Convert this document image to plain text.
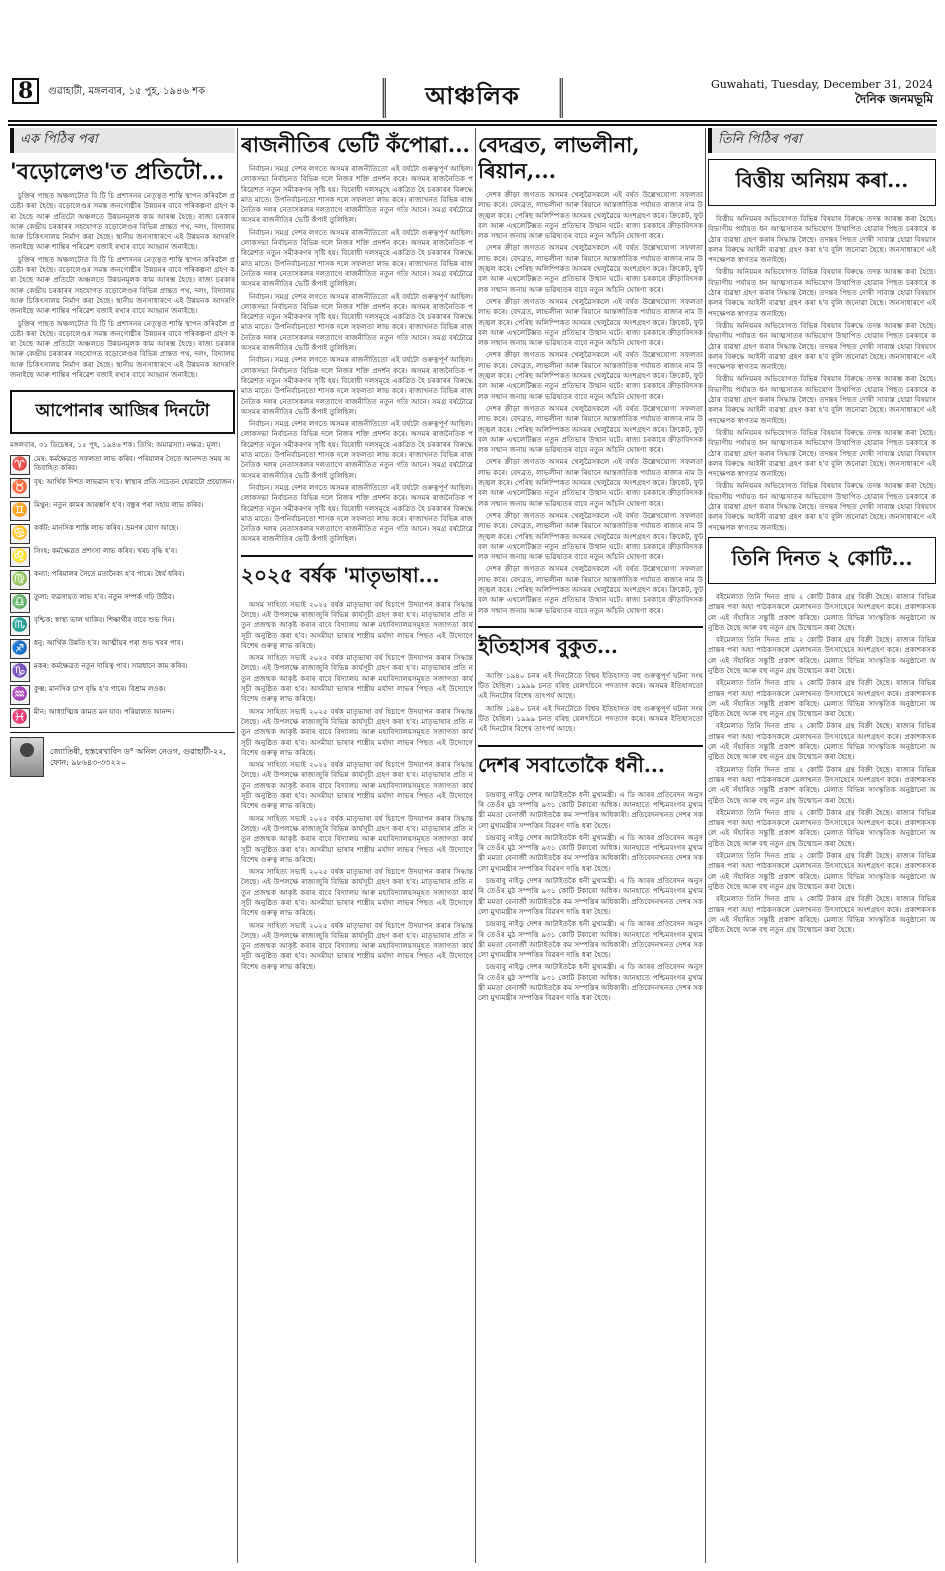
8	গুৱাহাটী, মঙ্গলবাৰ, ১৫ পুহ, ১৯৪৬ শক	আঞ্চলিক	Guwahati, Tuesday, December 31, 2024
দৈনিক জনমভূমি
এক পিঠিৰ পৰা
'বড়োলেণ্ড'ত প্ৰতিটো...

চুক্তিৰ পাছত অঞ্চলটোত বি টি চি প্ৰশাসনৰ নেতৃত্বত শান্তি স্থাপন কৰিবলৈ প্ৰচেষ্টা কৰা হৈছে। বড়োলেণ্ডৰ সমস্ত জনগোষ্ঠীৰ উন্নয়নৰ বাবে পৰিকল্পনা গ্ৰহণ কৰা হৈছে আৰু প্ৰতিটো অঞ্চলতে উন্নয়নমূলক কাম আৰম্ভ হৈছে। ৰাজ্য চৰকাৰ আৰু কেন্দ্ৰীয় চৰকাৰৰ সহযোগত বড়োলেণ্ডৰ বিভিন্ন প্ৰান্তত পথ, দলং, বিদ্যালয় আৰু চিকিৎসালয় নিৰ্মাণ কৰা হৈছে। স্থানীয় জনসাধাৰণে এই উন্নয়নক আদৰণি জনাইছে আৰু শান্তিৰ পৰিৱেশ বজাই ৰখাৰ বাবে আহ্বান জনাইছে।

চুক্তিৰ পাছত অঞ্চলটোত বি টি চি প্ৰশাসনৰ নেতৃত্বত শান্তি স্থাপন কৰিবলৈ প্ৰচেষ্টা কৰা হৈছে। বড়োলেণ্ডৰ সমস্ত জনগোষ্ঠীৰ উন্নয়নৰ বাবে পৰিকল্পনা গ্ৰহণ কৰা হৈছে আৰু প্ৰতিটো অঞ্চলতে উন্নয়নমূলক কাম আৰম্ভ হৈছে। ৰাজ্য চৰকাৰ আৰু কেন্দ্ৰীয় চৰকাৰৰ সহযোগত বড়োলেণ্ডৰ বিভিন্ন প্ৰান্তত পথ, দলং, বিদ্যালয় আৰু চিকিৎসালয় নিৰ্মাণ কৰা হৈছে। স্থানীয় জনসাধাৰণে এই উন্নয়নক আদৰণি জনাইছে আৰু শান্তিৰ পৰিৱেশ বজাই ৰখাৰ বাবে আহ্বান জনাইছে।

চুক্তিৰ পাছত অঞ্চলটোত বি টি চি প্ৰশাসনৰ নেতৃত্বত শান্তি স্থাপন কৰিবলৈ প্ৰচেষ্টা কৰা হৈছে। বড়োলেণ্ডৰ সমস্ত জনগোষ্ঠীৰ উন্নয়নৰ বাবে পৰিকল্পনা গ্ৰহণ কৰা হৈছে আৰু প্ৰতিটো অঞ্চলতে উন্নয়নমূলক কাম আৰম্ভ হৈছে। ৰাজ্য চৰকাৰ আৰু কেন্দ্ৰীয় চৰকাৰৰ সহযোগত বড়োলেণ্ডৰ বিভিন্ন প্ৰান্তত পথ, দলং, বিদ্যালয় আৰু চিকিৎসালয় নিৰ্মাণ কৰা হৈছে। স্থানীয় জনসাধাৰণে এই উন্নয়নক আদৰণি জনাইছে আৰু শান্তিৰ পৰিৱেশ বজাই ৰখাৰ বাবে আহ্বান জনাইছে।

আপোনাৰ আজিৰ দিনটো
মঙ্গলবাৰ, ৩১ ডিচেম্বৰ, ১৫ পুহ, ১৯৪৬ শক। তিথি: অমাৱস্যা। নক্ষত্ৰ: মূলা।
♈ মেষ: কৰ্মক্ষেত্ৰত সফলতা লাভ কৰিব। পৰিয়ালৰ সৈতে আনন্দত সময় অতিবাহিত কৰিব।
♉ বৃষ: আৰ্থিক দিশত লাভৱান হ'ব। স্বাস্থ্যৰ প্ৰতি সচেতন হোৱাটো প্ৰয়োজন।
♊ মিথুন: নতুন কামৰ আৰম্ভণি হ'ব। বন্ধুৰ পৰা সহায় লাভ কৰিব।
♋ কৰ্কট: মানসিক শান্তি লাভ কৰিব। ভ্ৰমণৰ যোগ আছে।
♌ সিংহ: কৰ্মক্ষেত্ৰত প্ৰশংসা লাভ কৰিব। খৰচ বৃদ্ধি হ'ব।
♍ কন্যা: পৰিয়ালৰ সৈতে মতানৈক্য হ'ব পাৰে। ধৈৰ্য ধৰিব।
♎ তুলা: ব্যৱসায়ত লাভ হ'ব। নতুন সম্পৰ্ক গঢ়ি উঠিব।
♏ বৃশ্চিক: স্বাস্থ্য ভাল থাকিব। শিক্ষাৰ্থীৰ বাবে শুভ দিন।
♐ ধনু: আৰ্থিক উন্নতি হ'ব। আত্মীয়ৰ পৰা শুভ খবৰ পাব।
♑ মকৰ: কৰ্মক্ষেত্ৰত নতুন দায়িত্ব পাব। সাৱধানে কাম কৰিব।
♒ কুম্ভ: মানসিক চাপ বৃদ্ধি হ'ব পাৰে। বিশ্ৰাম লওক।
♓ মীন: আধ্যাত্মিক কামত মন যাব। পৰিয়ালত আনন্দ।
জ্যোতিষী, হস্তৰেখাবিদ ড° অনিল নেওগ, গুৱাহাটী-২২, ফোন: ৯৮৬৪৩-৩৩২২০
ৰাজনীতিৰ ভেটি কঁপোৱা...

নিৰ্বাচন। সমগ্ৰ দেশৰ লগতে অসমৰ ৰাজনীতিতো এই বৰ্ষটো গুৰুত্বপূৰ্ণ আছিল। লোকসভা নিৰ্বাচনত বিভিন্ন দলে নিজৰ শক্তি প্ৰদৰ্শন কৰে। অসমৰ ৰাজনৈতিক পৰিৱেশত নতুন সমীকৰণৰ সৃষ্টি হয়। বিৰোধী দলসমূহে একত্ৰিত হৈ চৰকাৰৰ বিৰুদ্ধে মাত মাতে। উপনিৰ্বাচনতো শাসক দলে সফলতা লাভ কৰে। ৰাজ্যখনত বিভিন্ন ৰাজনৈতিক দলৰ নেতাসকলৰ দলত্যাগে ৰাজনীতিত নতুন গতি আনে। সমগ্ৰ বৰ্ষটোৱে অসমৰ ৰাজনীতিৰ ভেটি কঁপাই তুলিছিল।

নিৰ্বাচন। সমগ্ৰ দেশৰ লগতে অসমৰ ৰাজনীতিতো এই বৰ্ষটো গুৰুত্বপূৰ্ণ আছিল। লোকসভা নিৰ্বাচনত বিভিন্ন দলে নিজৰ শক্তি প্ৰদৰ্শন কৰে। অসমৰ ৰাজনৈতিক পৰিৱেশত নতুন সমীকৰণৰ সৃষ্টি হয়। বিৰোধী দলসমূহে একত্ৰিত হৈ চৰকাৰৰ বিৰুদ্ধে মাত মাতে। উপনিৰ্বাচনতো শাসক দলে সফলতা লাভ কৰে। ৰাজ্যখনত বিভিন্ন ৰাজনৈতিক দলৰ নেতাসকলৰ দলত্যাগে ৰাজনীতিত নতুন গতি আনে। সমগ্ৰ বৰ্ষটোৱে অসমৰ ৰাজনীতিৰ ভেটি কঁপাই তুলিছিল।

নিৰ্বাচন। সমগ্ৰ দেশৰ লগতে অসমৰ ৰাজনীতিতো এই বৰ্ষটো গুৰুত্বপূৰ্ণ আছিল। লোকসভা নিৰ্বাচনত বিভিন্ন দলে নিজৰ শক্তি প্ৰদৰ্শন কৰে। অসমৰ ৰাজনৈতিক পৰিৱেশত নতুন সমীকৰণৰ সৃষ্টি হয়। বিৰোধী দলসমূহে একত্ৰিত হৈ চৰকাৰৰ বিৰুদ্ধে মাত মাতে। উপনিৰ্বাচনতো শাসক দলে সফলতা লাভ কৰে। ৰাজ্যখনত বিভিন্ন ৰাজনৈতিক দলৰ নেতাসকলৰ দলত্যাগে ৰাজনীতিত নতুন গতি আনে। সমগ্ৰ বৰ্ষটোৱে অসমৰ ৰাজনীতিৰ ভেটি কঁপাই তুলিছিল।

নিৰ্বাচন। সমগ্ৰ দেশৰ লগতে অসমৰ ৰাজনীতিতো এই বৰ্ষটো গুৰুত্বপূৰ্ণ আছিল। লোকসভা নিৰ্বাচনত বিভিন্ন দলে নিজৰ শক্তি প্ৰদৰ্শন কৰে। অসমৰ ৰাজনৈতিক পৰিৱেশত নতুন সমীকৰণৰ সৃষ্টি হয়। বিৰোধী দলসমূহে একত্ৰিত হৈ চৰকাৰৰ বিৰুদ্ধে মাত মাতে। উপনিৰ্বাচনতো শাসক দলে সফলতা লাভ কৰে। ৰাজ্যখনত বিভিন্ন ৰাজনৈতিক দলৰ নেতাসকলৰ দলত্যাগে ৰাজনীতিত নতুন গতি আনে। সমগ্ৰ বৰ্ষটোৱে অসমৰ ৰাজনীতিৰ ভেটি কঁপাই তুলিছিল।

নিৰ্বাচন। সমগ্ৰ দেশৰ লগতে অসমৰ ৰাজনীতিতো এই বৰ্ষটো গুৰুত্বপূৰ্ণ আছিল। লোকসভা নিৰ্বাচনত বিভিন্ন দলে নিজৰ শক্তি প্ৰদৰ্শন কৰে। অসমৰ ৰাজনৈতিক পৰিৱেশত নতুন সমীকৰণৰ সৃষ্টি হয়। বিৰোধী দলসমূহে একত্ৰিত হৈ চৰকাৰৰ বিৰুদ্ধে মাত মাতে। উপনিৰ্বাচনতো শাসক দলে সফলতা লাভ কৰে। ৰাজ্যখনত বিভিন্ন ৰাজনৈতিক দলৰ নেতাসকলৰ দলত্যাগে ৰাজনীতিত নতুন গতি আনে। সমগ্ৰ বৰ্ষটোৱে অসমৰ ৰাজনীতিৰ ভেটি কঁপাই তুলিছিল।

নিৰ্বাচন। সমগ্ৰ দেশৰ লগতে অসমৰ ৰাজনীতিতো এই বৰ্ষটো গুৰুত্বপূৰ্ণ আছিল। লোকসভা নিৰ্বাচনত বিভিন্ন দলে নিজৰ শক্তি প্ৰদৰ্শন কৰে। অসমৰ ৰাজনৈতিক পৰিৱেশত নতুন সমীকৰণৰ সৃষ্টি হয়। বিৰোধী দলসমূহে একত্ৰিত হৈ চৰকাৰৰ বিৰুদ্ধে মাত মাতে। উপনিৰ্বাচনতো শাসক দলে সফলতা লাভ কৰে। ৰাজ্যখনত বিভিন্ন ৰাজনৈতিক দলৰ নেতাসকলৰ দলত্যাগে ৰাজনীতিত নতুন গতি আনে। সমগ্ৰ বৰ্ষটোৱে অসমৰ ৰাজনীতিৰ ভেটি কঁপাই তুলিছিল।

২০২৫ বৰ্ষক 'মাতৃভাষা...

অসম সাহিত্য সভাই ২০২৫ বৰ্ষক মাতৃভাষা বৰ্ষ হিচাপে উদযাপন কৰাৰ সিদ্ধান্ত লৈছে। এই উপলক্ষে ৰাজ্যজুৰি বিভিন্ন কাৰ্যসূচী গ্ৰহণ কৰা হ'ব। মাতৃভাষাৰ প্ৰতি নতুন প্ৰজন্মক আকৃষ্ট কৰাৰ বাবে বিদ্যালয় আৰু মহাবিদ্যালয়সমূহত সজাগতা কাৰ্যসূচী অনুষ্ঠিত কৰা হ'ব। অসমীয়া ভাষাৰ শাস্ত্ৰীয় মৰ্যাদা লাভৰ পিছত এই উদ্যোগে বিশেষ গুৰুত্ব লাভ কৰিছে।

অসম সাহিত্য সভাই ২০২৫ বৰ্ষক মাতৃভাষা বৰ্ষ হিচাপে উদযাপন কৰাৰ সিদ্ধান্ত লৈছে। এই উপলক্ষে ৰাজ্যজুৰি বিভিন্ন কাৰ্যসূচী গ্ৰহণ কৰা হ'ব। মাতৃভাষাৰ প্ৰতি নতুন প্ৰজন্মক আকৃষ্ট কৰাৰ বাবে বিদ্যালয় আৰু মহাবিদ্যালয়সমূহত সজাগতা কাৰ্যসূচী অনুষ্ঠিত কৰা হ'ব। অসমীয়া ভাষাৰ শাস্ত্ৰীয় মৰ্যাদা লাভৰ পিছত এই উদ্যোগে বিশেষ গুৰুত্ব লাভ কৰিছে।

অসম সাহিত্য সভাই ২০২৫ বৰ্ষক মাতৃভাষা বৰ্ষ হিচাপে উদযাপন কৰাৰ সিদ্ধান্ত লৈছে। এই উপলক্ষে ৰাজ্যজুৰি বিভিন্ন কাৰ্যসূচী গ্ৰহণ কৰা হ'ব। মাতৃভাষাৰ প্ৰতি নতুন প্ৰজন্মক আকৃষ্ট কৰাৰ বাবে বিদ্যালয় আৰু মহাবিদ্যালয়সমূহত সজাগতা কাৰ্যসূচী অনুষ্ঠিত কৰা হ'ব। অসমীয়া ভাষাৰ শাস্ত্ৰীয় মৰ্যাদা লাভৰ পিছত এই উদ্যোগে বিশেষ গুৰুত্ব লাভ কৰিছে।

অসম সাহিত্য সভাই ২০২৫ বৰ্ষক মাতৃভাষা বৰ্ষ হিচাপে উদযাপন কৰাৰ সিদ্ধান্ত লৈছে। এই উপলক্ষে ৰাজ্যজুৰি বিভিন্ন কাৰ্যসূচী গ্ৰহণ কৰা হ'ব। মাতৃভাষাৰ প্ৰতি নতুন প্ৰজন্মক আকৃষ্ট কৰাৰ বাবে বিদ্যালয় আৰু মহাবিদ্যালয়সমূহত সজাগতা কাৰ্যসূচী অনুষ্ঠিত কৰা হ'ব। অসমীয়া ভাষাৰ শাস্ত্ৰীয় মৰ্যাদা লাভৰ পিছত এই উদ্যোগে বিশেষ গুৰুত্ব লাভ কৰিছে।

অসম সাহিত্য সভাই ২০২৫ বৰ্ষক মাতৃভাষা বৰ্ষ হিচাপে উদযাপন কৰাৰ সিদ্ধান্ত লৈছে। এই উপলক্ষে ৰাজ্যজুৰি বিভিন্ন কাৰ্যসূচী গ্ৰহণ কৰা হ'ব। মাতৃভাষাৰ প্ৰতি নতুন প্ৰজন্মক আকৃষ্ট কৰাৰ বাবে বিদ্যালয় আৰু মহাবিদ্যালয়সমূহত সজাগতা কাৰ্যসূচী অনুষ্ঠিত কৰা হ'ব। অসমীয়া ভাষাৰ শাস্ত্ৰীয় মৰ্যাদা লাভৰ পিছত এই উদ্যোগে বিশেষ গুৰুত্ব লাভ কৰিছে।

অসম সাহিত্য সভাই ২০২৫ বৰ্ষক মাতৃভাষা বৰ্ষ হিচাপে উদযাপন কৰাৰ সিদ্ধান্ত লৈছে। এই উপলক্ষে ৰাজ্যজুৰি বিভিন্ন কাৰ্যসূচী গ্ৰহণ কৰা হ'ব। মাতৃভাষাৰ প্ৰতি নতুন প্ৰজন্মক আকৃষ্ট কৰাৰ বাবে বিদ্যালয় আৰু মহাবিদ্যালয়সমূহত সজাগতা কাৰ্যসূচী অনুষ্ঠিত কৰা হ'ব। অসমীয়া ভাষাৰ শাস্ত্ৰীয় মৰ্যাদা লাভৰ পিছত এই উদ্যোগে বিশেষ গুৰুত্ব লাভ কৰিছে।

অসম সাহিত্য সভাই ২০২৫ বৰ্ষক মাতৃভাষা বৰ্ষ হিচাপে উদযাপন কৰাৰ সিদ্ধান্ত লৈছে। এই উপলক্ষে ৰাজ্যজুৰি বিভিন্ন কাৰ্যসূচী গ্ৰহণ কৰা হ'ব। মাতৃভাষাৰ প্ৰতি নতুন প্ৰজন্মক আকৃষ্ট কৰাৰ বাবে বিদ্যালয় আৰু মহাবিদ্যালয়সমূহত সজাগতা কাৰ্যসূচী অনুষ্ঠিত কৰা হ'ব। অসমীয়া ভাষাৰ শাস্ত্ৰীয় মৰ্যাদা লাভৰ পিছত এই উদ্যোগে বিশেষ গুৰুত্ব লাভ কৰিছে।

বেদব্ৰত, লাভলীনা, ৰিয়ান,...

দেশৰ ক্ৰীড়া জগতত অসমৰ খেলুৱৈসকলে এই বৰ্ষত উল্লেখযোগ্য সফলতা লাভ কৰে। বেদব্ৰত, লাভলীনা আৰু ৰিয়ানে আন্তৰ্জাতিক পৰ্যায়ত ৰাজ্যৰ নাম উজ্জ্বল কৰে। পেৰিছ অলিম্পিকত অসমৰ খেলুৱৈয়ে অংশগ্ৰহণ কৰে। ক্ৰিকেট, ফুটবল আৰু এথলেটিক্সত নতুন প্ৰতিভাৰ উত্থান ঘটে। ৰাজ্য চৰকাৰে ক্ৰীড়াবিদসকলক সন্মান জনায় আৰু ভৱিষ্যতৰ বাবে নতুন আঁচনি ঘোষণা কৰে।

দেশৰ ক্ৰীড়া জগতত অসমৰ খেলুৱৈসকলে এই বৰ্ষত উল্লেখযোগ্য সফলতা লাভ কৰে। বেদব্ৰত, লাভলীনা আৰু ৰিয়ানে আন্তৰ্জাতিক পৰ্যায়ত ৰাজ্যৰ নাম উজ্জ্বল কৰে। পেৰিছ অলিম্পিকত অসমৰ খেলুৱৈয়ে অংশগ্ৰহণ কৰে। ক্ৰিকেট, ফুটবল আৰু এথলেটিক্সত নতুন প্ৰতিভাৰ উত্থান ঘটে। ৰাজ্য চৰকাৰে ক্ৰীড়াবিদসকলক সন্মান জনায় আৰু ভৱিষ্যতৰ বাবে নতুন আঁচনি ঘোষণা কৰে।

দেশৰ ক্ৰীড়া জগতত অসমৰ খেলুৱৈসকলে এই বৰ্ষত উল্লেখযোগ্য সফলতা লাভ কৰে। বেদব্ৰত, লাভলীনা আৰু ৰিয়ানে আন্তৰ্জাতিক পৰ্যায়ত ৰাজ্যৰ নাম উজ্জ্বল কৰে। পেৰিছ অলিম্পিকত অসমৰ খেলুৱৈয়ে অংশগ্ৰহণ কৰে। ক্ৰিকেট, ফুটবল আৰু এথলেটিক্সত নতুন প্ৰতিভাৰ উত্থান ঘটে। ৰাজ্য চৰকাৰে ক্ৰীড়াবিদসকলক সন্মান জনায় আৰু ভৱিষ্যতৰ বাবে নতুন আঁচনি ঘোষণা কৰে।

দেশৰ ক্ৰীড়া জগতত অসমৰ খেলুৱৈসকলে এই বৰ্ষত উল্লেখযোগ্য সফলতা লাভ কৰে। বেদব্ৰত, লাভলীনা আৰু ৰিয়ানে আন্তৰ্জাতিক পৰ্যায়ত ৰাজ্যৰ নাম উজ্জ্বল কৰে। পেৰিছ অলিম্পিকত অসমৰ খেলুৱৈয়ে অংশগ্ৰহণ কৰে। ক্ৰিকেট, ফুটবল আৰু এথলেটিক্সত নতুন প্ৰতিভাৰ উত্থান ঘটে। ৰাজ্য চৰকাৰে ক্ৰীড়াবিদসকলক সন্মান জনায় আৰু ভৱিষ্যতৰ বাবে নতুন আঁচনি ঘোষণা কৰে।

দেশৰ ক্ৰীড়া জগতত অসমৰ খেলুৱৈসকলে এই বৰ্ষত উল্লেখযোগ্য সফলতা লাভ কৰে। বেদব্ৰত, লাভলীনা আৰু ৰিয়ানে আন্তৰ্জাতিক পৰ্যায়ত ৰাজ্যৰ নাম উজ্জ্বল কৰে। পেৰিছ অলিম্পিকত অসমৰ খেলুৱৈয়ে অংশগ্ৰহণ কৰে। ক্ৰিকেট, ফুটবল আৰু এথলেটিক্সত নতুন প্ৰতিভাৰ উত্থান ঘটে। ৰাজ্য চৰকাৰে ক্ৰীড়াবিদসকলক সন্মান জনায় আৰু ভৱিষ্যতৰ বাবে নতুন আঁচনি ঘোষণা কৰে।

দেশৰ ক্ৰীড়া জগতত অসমৰ খেলুৱৈসকলে এই বৰ্ষত উল্লেখযোগ্য সফলতা লাভ কৰে। বেদব্ৰত, লাভলীনা আৰু ৰিয়ানে আন্তৰ্জাতিক পৰ্যায়ত ৰাজ্যৰ নাম উজ্জ্বল কৰে। পেৰিছ অলিম্পিকত অসমৰ খেলুৱৈয়ে অংশগ্ৰহণ কৰে। ক্ৰিকেট, ফুটবল আৰু এথলেটিক্সত নতুন প্ৰতিভাৰ উত্থান ঘটে। ৰাজ্য চৰকাৰে ক্ৰীড়াবিদসকলক সন্মান জনায় আৰু ভৱিষ্যতৰ বাবে নতুন আঁচনি ঘোষণা কৰে।

দেশৰ ক্ৰীড়া জগতত অসমৰ খেলুৱৈসকলে এই বৰ্ষত উল্লেখযোগ্য সফলতা লাভ কৰে। বেদব্ৰত, লাভলীনা আৰু ৰিয়ানে আন্তৰ্জাতিক পৰ্যায়ত ৰাজ্যৰ নাম উজ্জ্বল কৰে। পেৰিছ অলিম্পিকত অসমৰ খেলুৱৈয়ে অংশগ্ৰহণ কৰে। ক্ৰিকেট, ফুটবল আৰু এথলেটিক্সত নতুন প্ৰতিভাৰ উত্থান ঘটে। ৰাজ্য চৰকাৰে ক্ৰীড়াবিদসকলক সন্মান জনায় আৰু ভৱিষ্যতৰ বাবে নতুন আঁচনি ঘোষণা কৰে।

দেশৰ ক্ৰীড়া জগতত অসমৰ খেলুৱৈসকলে এই বৰ্ষত উল্লেখযোগ্য সফলতা লাভ কৰে। বেদব্ৰত, লাভলীনা আৰু ৰিয়ানে আন্তৰ্জাতিক পৰ্যায়ত ৰাজ্যৰ নাম উজ্জ্বল কৰে। পেৰিছ অলিম্পিকত অসমৰ খেলুৱৈয়ে অংশগ্ৰহণ কৰে। ক্ৰিকেট, ফুটবল আৰু এথলেটিক্সত নতুন প্ৰতিভাৰ উত্থান ঘটে। ৰাজ্য চৰকাৰে ক্ৰীড়াবিদসকলক সন্মান জনায় আৰু ভৱিষ্যতৰ বাবে নতুন আঁচনি ঘোষণা কৰে।

ইতিহাসৰ বুকুত...

আজি ১৯৪০ চনৰ এই দিনটোতে বিশ্বৰ ইতিহাসত বহু গুৰুত্বপূৰ্ণ ঘটনা সংঘটিত হৈছিল। ১৯৯৯ চনত বৰিছ য়েলৎচিনে পদত্যাগ কৰে। অসমৰ ইতিহাসতো এই দিনটোৰ বিশেষ তাৎপৰ্য আছে।

আজি ১৯৪০ চনৰ এই দিনটোতে বিশ্বৰ ইতিহাসত বহু গুৰুত্বপূৰ্ণ ঘটনা সংঘটিত হৈছিল। ১৯৯৯ চনত বৰিছ য়েলৎচিনে পদত্যাগ কৰে। অসমৰ ইতিহাসতো এই দিনটোৰ বিশেষ তাৎপৰ্য আছে।

দেশৰ সবাতোকৈ ধনী...

চন্দ্ৰবাবু নাইডু দেশৰ আটাইতকৈ ধনী মুখ্যমন্ত্ৰী। এ ডি আৰৰ প্ৰতিবেদন অনুসৰি তেওঁৰ মুঠ সম্পত্তি ৯৩১ কোটি টকাৰো অধিক। আনহাতে পশ্চিমবংগৰ মুখ্যমন্ত্ৰী মমতা বেনাৰ্জী আটাইতকৈ কম সম্পত্তিৰ অধিকাৰী। প্ৰতিবেদনখনত দেশৰ সকলো মুখ্যমন্ত্ৰীৰ সম্পত্তিৰ বিৱৰণ দাঙি ধৰা হৈছে।

চন্দ্ৰবাবু নাইডু দেশৰ আটাইতকৈ ধনী মুখ্যমন্ত্ৰী। এ ডি আৰৰ প্ৰতিবেদন অনুসৰি তেওঁৰ মুঠ সম্পত্তি ৯৩১ কোটি টকাৰো অধিক। আনহাতে পশ্চিমবংগৰ মুখ্যমন্ত্ৰী মমতা বেনাৰ্জী আটাইতকৈ কম সম্পত্তিৰ অধিকাৰী। প্ৰতিবেদনখনত দেশৰ সকলো মুখ্যমন্ত্ৰীৰ সম্পত্তিৰ বিৱৰণ দাঙি ধৰা হৈছে।

চন্দ্ৰবাবু নাইডু দেশৰ আটাইতকৈ ধনী মুখ্যমন্ত্ৰী। এ ডি আৰৰ প্ৰতিবেদন অনুসৰি তেওঁৰ মুঠ সম্পত্তি ৯৩১ কোটি টকাৰো অধিক। আনহাতে পশ্চিমবংগৰ মুখ্যমন্ত্ৰী মমতা বেনাৰ্জী আটাইতকৈ কম সম্পত্তিৰ অধিকাৰী। প্ৰতিবেদনখনত দেশৰ সকলো মুখ্যমন্ত্ৰীৰ সম্পত্তিৰ বিৱৰণ দাঙি ধৰা হৈছে।

চন্দ্ৰবাবু নাইডু দেশৰ আটাইতকৈ ধনী মুখ্যমন্ত্ৰী। এ ডি আৰৰ প্ৰতিবেদন অনুসৰি তেওঁৰ মুঠ সম্পত্তি ৯৩১ কোটি টকাৰো অধিক। আনহাতে পশ্চিমবংগৰ মুখ্যমন্ত্ৰী মমতা বেনাৰ্জী আটাইতকৈ কম সম্পত্তিৰ অধিকাৰী। প্ৰতিবেদনখনত দেশৰ সকলো মুখ্যমন্ত্ৰীৰ সম্পত্তিৰ বিৱৰণ দাঙি ধৰা হৈছে।

চন্দ্ৰবাবু নাইডু দেশৰ আটাইতকৈ ধনী মুখ্যমন্ত্ৰী। এ ডি আৰৰ প্ৰতিবেদন অনুসৰি তেওঁৰ মুঠ সম্পত্তি ৯৩১ কোটি টকাৰো অধিক। আনহাতে পশ্চিমবংগৰ মুখ্যমন্ত্ৰী মমতা বেনাৰ্জী আটাইতকৈ কম সম্পত্তিৰ অধিকাৰী। প্ৰতিবেদনখনত দেশৰ সকলো মুখ্যমন্ত্ৰীৰ সম্পত্তিৰ বিৱৰণ দাঙি ধৰা হৈছে।

তিনি পিঠিৰ পৰা
বিত্তীয় অনিয়ম কৰা...

বিত্তীয় অনিয়মৰ অভিযোগত বিভিন্ন বিষয়াৰ বিৰুদ্ধে তদন্ত আৰম্ভ কৰা হৈছে। বিভাগীয় পৰ্যায়ত ধন আত্মসাতৰ অভিযোগ উত্থাপিত হোৱাৰ পিছত চৰকাৰে কঠোৰ ব্যৱস্থা গ্ৰহণ কৰাৰ সিদ্ধান্ত লৈছে। তদন্তৰ পিছত দোষী সাব্যস্ত হোৱা বিষয়াসকলৰ বিৰুদ্ধে আইনী ব্যৱস্থা গ্ৰহণ কৰা হ'ব বুলি জনোৱা হৈছে। জনসাধাৰণে এই পদক্ষেপক স্বাগতম জনাইছে।

বিত্তীয় অনিয়মৰ অভিযোগত বিভিন্ন বিষয়াৰ বিৰুদ্ধে তদন্ত আৰম্ভ কৰা হৈছে। বিভাগীয় পৰ্যায়ত ধন আত্মসাতৰ অভিযোগ উত্থাপিত হোৱাৰ পিছত চৰকাৰে কঠোৰ ব্যৱস্থা গ্ৰহণ কৰাৰ সিদ্ধান্ত লৈছে। তদন্তৰ পিছত দোষী সাব্যস্ত হোৱা বিষয়াসকলৰ বিৰুদ্ধে আইনী ব্যৱস্থা গ্ৰহণ কৰা হ'ব বুলি জনোৱা হৈছে। জনসাধাৰণে এই পদক্ষেপক স্বাগতম জনাইছে।

বিত্তীয় অনিয়মৰ অভিযোগত বিভিন্ন বিষয়াৰ বিৰুদ্ধে তদন্ত আৰম্ভ কৰা হৈছে। বিভাগীয় পৰ্যায়ত ধন আত্মসাতৰ অভিযোগ উত্থাপিত হোৱাৰ পিছত চৰকাৰে কঠোৰ ব্যৱস্থা গ্ৰহণ কৰাৰ সিদ্ধান্ত লৈছে। তদন্তৰ পিছত দোষী সাব্যস্ত হোৱা বিষয়াসকলৰ বিৰুদ্ধে আইনী ব্যৱস্থা গ্ৰহণ কৰা হ'ব বুলি জনোৱা হৈছে। জনসাধাৰণে এই পদক্ষেপক স্বাগতম জনাইছে।

বিত্তীয় অনিয়মৰ অভিযোগত বিভিন্ন বিষয়াৰ বিৰুদ্ধে তদন্ত আৰম্ভ কৰা হৈছে। বিভাগীয় পৰ্যায়ত ধন আত্মসাতৰ অভিযোগ উত্থাপিত হোৱাৰ পিছত চৰকাৰে কঠোৰ ব্যৱস্থা গ্ৰহণ কৰাৰ সিদ্ধান্ত লৈছে। তদন্তৰ পিছত দোষী সাব্যস্ত হোৱা বিষয়াসকলৰ বিৰুদ্ধে আইনী ব্যৱস্থা গ্ৰহণ কৰা হ'ব বুলি জনোৱা হৈছে। জনসাধাৰণে এই পদক্ষেপক স্বাগতম জনাইছে।

বিত্তীয় অনিয়মৰ অভিযোগত বিভিন্ন বিষয়াৰ বিৰুদ্ধে তদন্ত আৰম্ভ কৰা হৈছে। বিভাগীয় পৰ্যায়ত ধন আত্মসাতৰ অভিযোগ উত্থাপিত হোৱাৰ পিছত চৰকাৰে কঠোৰ ব্যৱস্থা গ্ৰহণ কৰাৰ সিদ্ধান্ত লৈছে। তদন্তৰ পিছত দোষী সাব্যস্ত হোৱা বিষয়াসকলৰ বিৰুদ্ধে আইনী ব্যৱস্থা গ্ৰহণ কৰা হ'ব বুলি জনোৱা হৈছে। জনসাধাৰণে এই পদক্ষেপক স্বাগতম জনাইছে।

বিত্তীয় অনিয়মৰ অভিযোগত বিভিন্ন বিষয়াৰ বিৰুদ্ধে তদন্ত আৰম্ভ কৰা হৈছে। বিভাগীয় পৰ্যায়ত ধন আত্মসাতৰ অভিযোগ উত্থাপিত হোৱাৰ পিছত চৰকাৰে কঠোৰ ব্যৱস্থা গ্ৰহণ কৰাৰ সিদ্ধান্ত লৈছে। তদন্তৰ পিছত দোষী সাব্যস্ত হোৱা বিষয়াসকলৰ বিৰুদ্ধে আইনী ব্যৱস্থা গ্ৰহণ কৰা হ'ব বুলি জনোৱা হৈছে। জনসাধাৰণে এই পদক্ষেপক স্বাগতম জনাইছে।

তিনি দিনত ২ কোটি...

বইমেলাত তিনি দিনত প্ৰায় ২ কোটি টকাৰ গ্ৰন্থ বিক্ৰী হৈছে। ৰাজ্যৰ বিভিন্ন প্ৰান্তৰ পৰা অহা পাঠকসকলে মেলাখনত উৎসাহেৰে অংশগ্ৰহণ কৰে। প্ৰকাশকসকলে এই সঁহাৰিত সন্তুষ্টি প্ৰকাশ কৰিছে। মেলাত বিভিন্ন সাংস্কৃতিক অনুষ্ঠানো অনুষ্ঠিত হৈছে আৰু বহু নতুন গ্ৰন্থ উন্মোচন কৰা হৈছে।

বইমেলাত তিনি দিনত প্ৰায় ২ কোটি টকাৰ গ্ৰন্থ বিক্ৰী হৈছে। ৰাজ্যৰ বিভিন্ন প্ৰান্তৰ পৰা অহা পাঠকসকলে মেলাখনত উৎসাহেৰে অংশগ্ৰহণ কৰে। প্ৰকাশকসকলে এই সঁহাৰিত সন্তুষ্টি প্ৰকাশ কৰিছে। মেলাত বিভিন্ন সাংস্কৃতিক অনুষ্ঠানো অনুষ্ঠিত হৈছে আৰু বহু নতুন গ্ৰন্থ উন্মোচন কৰা হৈছে।

বইমেলাত তিনি দিনত প্ৰায় ২ কোটি টকাৰ গ্ৰন্থ বিক্ৰী হৈছে। ৰাজ্যৰ বিভিন্ন প্ৰান্তৰ পৰা অহা পাঠকসকলে মেলাখনত উৎসাহেৰে অংশগ্ৰহণ কৰে। প্ৰকাশকসকলে এই সঁহাৰিত সন্তুষ্টি প্ৰকাশ কৰিছে। মেলাত বিভিন্ন সাংস্কৃতিক অনুষ্ঠানো অনুষ্ঠিত হৈছে আৰু বহু নতুন গ্ৰন্থ উন্মোচন কৰা হৈছে।

বইমেলাত তিনি দিনত প্ৰায় ২ কোটি টকাৰ গ্ৰন্থ বিক্ৰী হৈছে। ৰাজ্যৰ বিভিন্ন প্ৰান্তৰ পৰা অহা পাঠকসকলে মেলাখনত উৎসাহেৰে অংশগ্ৰহণ কৰে। প্ৰকাশকসকলে এই সঁহাৰিত সন্তুষ্টি প্ৰকাশ কৰিছে। মেলাত বিভিন্ন সাংস্কৃতিক অনুষ্ঠানো অনুষ্ঠিত হৈছে আৰু বহু নতুন গ্ৰন্থ উন্মোচন কৰা হৈছে।

বইমেলাত তিনি দিনত প্ৰায় ২ কোটি টকাৰ গ্ৰন্থ বিক্ৰী হৈছে। ৰাজ্যৰ বিভিন্ন প্ৰান্তৰ পৰা অহা পাঠকসকলে মেলাখনত উৎসাহেৰে অংশগ্ৰহণ কৰে। প্ৰকাশকসকলে এই সঁহাৰিত সন্তুষ্টি প্ৰকাশ কৰিছে। মেলাত বিভিন্ন সাংস্কৃতিক অনুষ্ঠানো অনুষ্ঠিত হৈছে আৰু বহু নতুন গ্ৰন্থ উন্মোচন কৰা হৈছে।

বইমেলাত তিনি দিনত প্ৰায় ২ কোটি টকাৰ গ্ৰন্থ বিক্ৰী হৈছে। ৰাজ্যৰ বিভিন্ন প্ৰান্তৰ পৰা অহা পাঠকসকলে মেলাখনত উৎসাহেৰে অংশগ্ৰহণ কৰে। প্ৰকাশকসকলে এই সঁহাৰিত সন্তুষ্টি প্ৰকাশ কৰিছে। মেলাত বিভিন্ন সাংস্কৃতিক অনুষ্ঠানো অনুষ্ঠিত হৈছে আৰু বহু নতুন গ্ৰন্থ উন্মোচন কৰা হৈছে।

বইমেলাত তিনি দিনত প্ৰায় ২ কোটি টকাৰ গ্ৰন্থ বিক্ৰী হৈছে। ৰাজ্যৰ বিভিন্ন প্ৰান্তৰ পৰা অহা পাঠকসকলে মেলাখনত উৎসাহেৰে অংশগ্ৰহণ কৰে। প্ৰকাশকসকলে এই সঁহাৰিত সন্তুষ্টি প্ৰকাশ কৰিছে। মেলাত বিভিন্ন সাংস্কৃতিক অনুষ্ঠানো অনুষ্ঠিত হৈছে আৰু বহু নতুন গ্ৰন্থ উন্মোচন কৰা হৈছে।

বইমেলাত তিনি দিনত প্ৰায় ২ কোটি টকাৰ গ্ৰন্থ বিক্ৰী হৈছে। ৰাজ্যৰ বিভিন্ন প্ৰান্তৰ পৰা অহা পাঠকসকলে মেলাখনত উৎসাহেৰে অংশগ্ৰহণ কৰে। প্ৰকাশকসকলে এই সঁহাৰিত সন্তুষ্টি প্ৰকাশ কৰিছে। মেলাত বিভিন্ন সাংস্কৃতিক অনুষ্ঠানো অনুষ্ঠিত হৈছে আৰু বহু নতুন গ্ৰন্থ উন্মোচন কৰা হৈছে।
